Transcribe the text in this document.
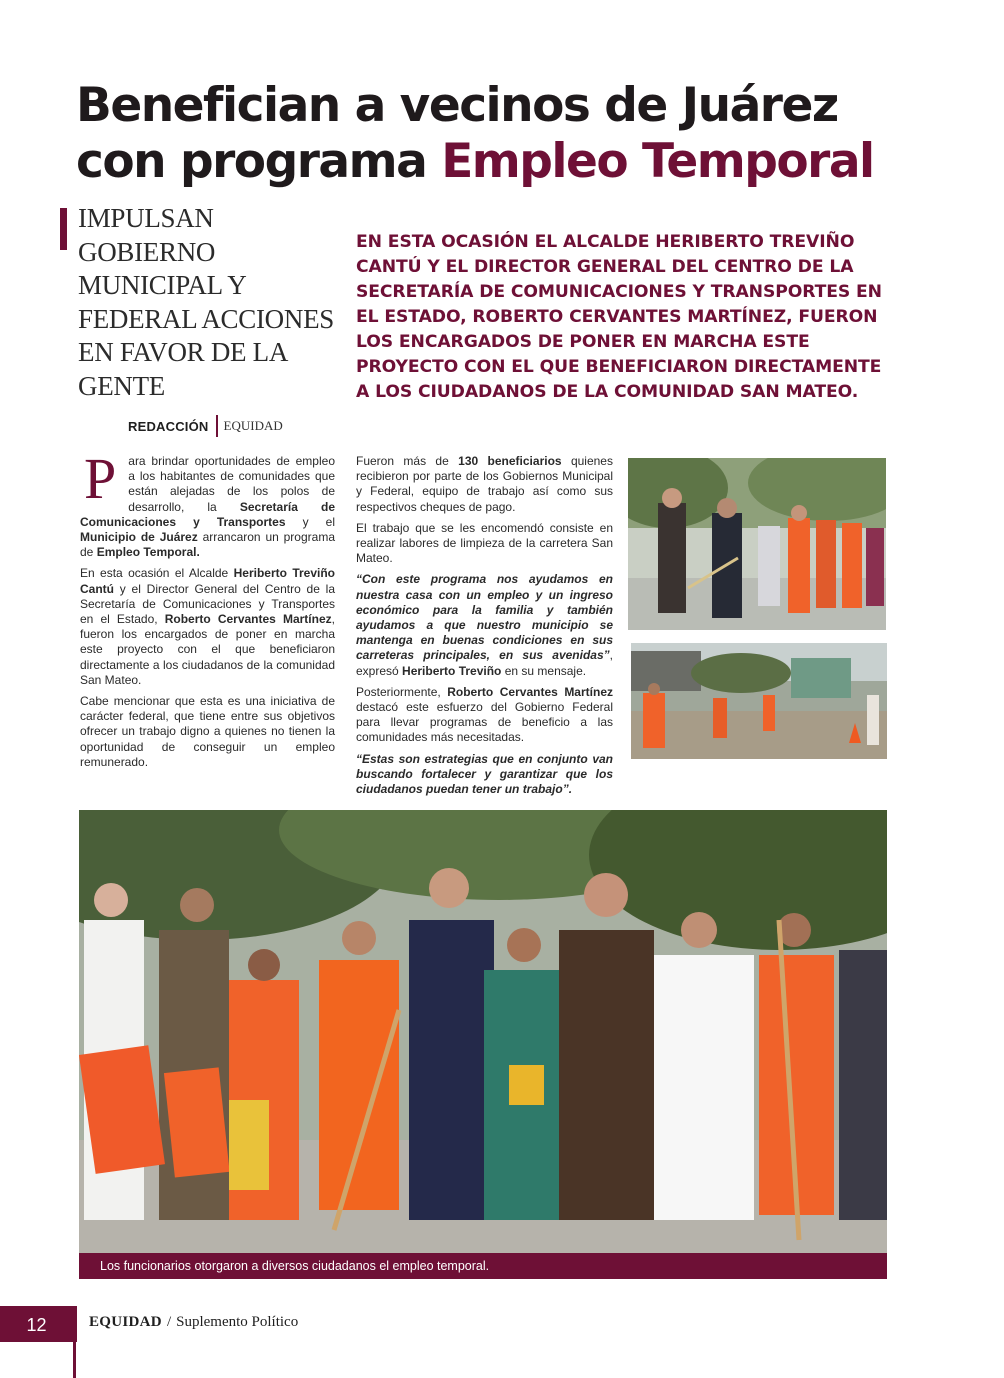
Benefician a vecinos de Juárez
con programa Empleo Temporal

IMPULSAN GOBIERNO MUNICIPAL Y FEDERAL ACCIONES EN FAVOR DE LA GENTE

REDACCIÓN EQUIDAD

EN ESTA OCASIÓN EL ALCALDE HERIBERTO TREVIÑO CANTÚ Y EL DIRECTOR GENERAL DEL CENTRO DE LA SECRETARÍA DE COMUNICACIONES Y TRANSPORTES EN EL ESTADO, ROBERTO CERVANTES MARTÍNEZ, FUERON LOS ENCARGADOS DE PONER EN MARCHA ESTE PROYECTO CON EL QUE BENEFICIARON DIRECTAMENTE A LOS CIUDADANOS DE LA COMUNIDAD SAN MATEO.

P ara brindar oportunidades de empleo a los habitantes de comunidades que están alejadas de los polos de desarrollo, la Secretaría de Comunicaciones y Transportes y el Municipio de Juárez arrancaron un programa de Empleo Temporal.

En esta ocasión el Alcalde Heriberto Treviño Cantú y el Director General del Centro de la Secretaría de Comunicaciones y Transportes en el Estado, Roberto Cervantes Martínez, fueron los encargados de poner en marcha este proyecto con el que beneficiaron directamente a los ciudadanos de la comunidad San Mateo.

Cabe mencionar que esta es una iniciativa de carácter federal, que tiene entre sus objetivos ofrecer un trabajo digno a quienes no tienen la oportunidad de conseguir un empleo remunerado.

Fueron más de 130 beneficiarios quienes recibieron por parte de los Gobiernos Municipal y Federal, equipo de trabajo así como sus respectivos cheques de pago.

El trabajo que se les encomendó consiste en realizar labores de limpieza de la carretera San Mateo.

“Con este programa nos ayudamos en nuestra casa con un empleo y un ingreso económico para la familia y también ayudamos a que nuestro municipio se mantenga en buenas condiciones en sus carreteras principales, en sus avenidas”, expresó Heriberto Treviño en su mensaje.

Posteriormente, Roberto Cervantes Martínez destacó este esfuerzo del Gobierno Federal para llevar programas de beneficio a las comunidades más necesitadas.

“Estas son estrategias que en conjunto van buscando fortalecer y garantizar que los ciudadanos puedan tener un trabajo”.

Los funcionarios otorgaron a diversos ciudadanos el empleo temporal.
12	EQUIDAD / Suplemento Político
